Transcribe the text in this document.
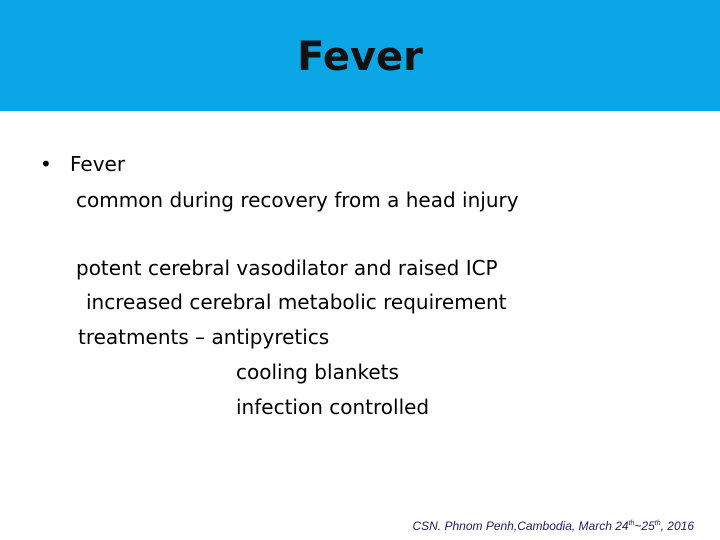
Fever
• Fever
common during recovery from a head injury
potent cerebral vasodilator and raised ICP
increased cerebral metabolic requirement
treatments – antipyretics
cooling blankets
infection controlled
CSN. Phnom Penh,Cambodia, March 24th~25th, 2016
